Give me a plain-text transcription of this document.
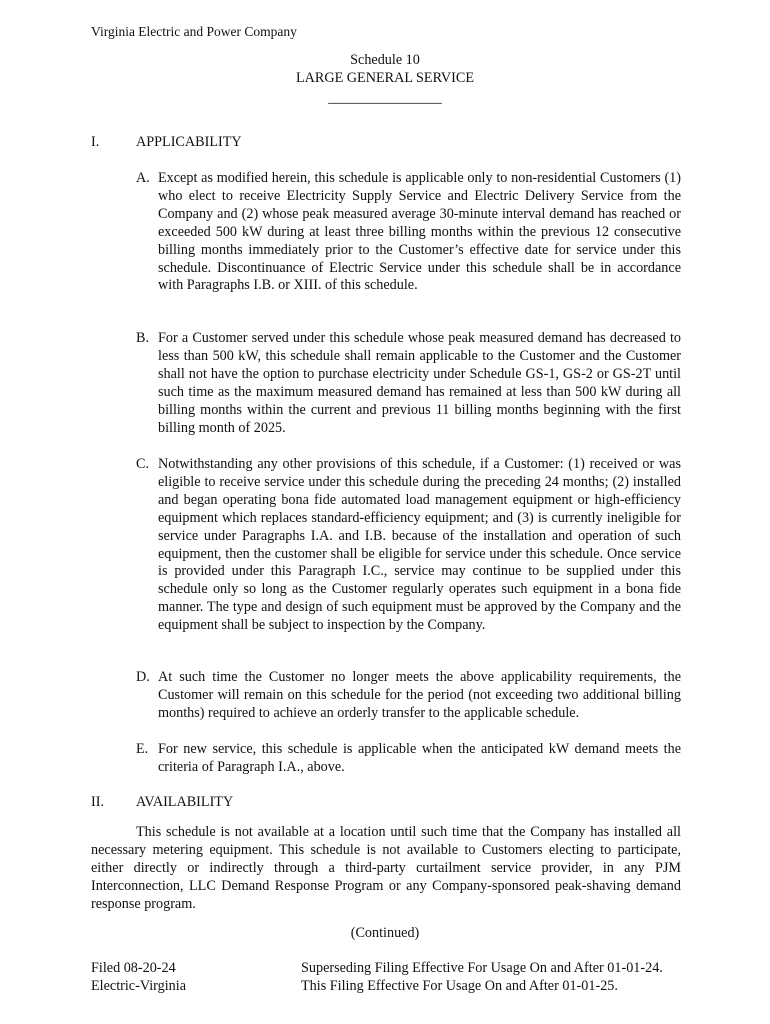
Virginia Electric and Power Company
Schedule 10
LARGE GENERAL SERVICE
________________
I.	APPLICABILITY
A. Except as modified herein, this schedule is applicable only to non-residential Customers (1) who elect to receive Electricity Supply Service and Electric Delivery Service from the Company and (2) whose peak measured average 30-minute interval demand has reached or exceeded 500 kW during at least three billing months within the previous 12 consecutive billing months immediately prior to the Customer’s effective date for service under this schedule. Discontinuance of Electric Service under this schedule shall be in accordance with Paragraphs I.B. or XIII. of this schedule.
B. For a Customer served under this schedule whose peak measured demand has decreased to less than 500 kW, this schedule shall remain applicable to the Customer and the Customer shall not have the option to purchase electricity under Schedule GS-1, GS-2 or GS-2T until such time as the maximum measured demand has remained at less than 500 kW during all billing months within the current and previous 11 billing months beginning with the first billing month of 2025.
C. Notwithstanding any other provisions of this schedule, if a Customer: (1) received or was eligible to receive service under this schedule during the preceding 24 months; (2) installed and began operating bona fide automated load management equipment or high-efficiency equipment which replaces standard-efficiency equipment; and (3) is currently ineligible for service under Paragraphs I.A. and I.B. because of the installation and operation of such equipment, then the customer shall be eligible for service under this schedule. Once service is provided under this Paragraph I.C., service may continue to be supplied under this schedule only so long as the Customer regularly operates such equipment in a bona fide manner. The type and design of such equipment must be approved by the Company and the equipment shall be subject to inspection by the Company.
D. At such time the Customer no longer meets the above applicability requirements, the Customer will remain on this schedule for the period (not exceeding two additional billing months) required to achieve an orderly transfer to the applicable schedule.
E. For new service, this schedule is applicable when the anticipated kW demand meets the criteria of Paragraph I.A., above.
II. AVAILABILITY
This schedule is not available at a location until such time that the Company has installed all necessary metering equipment. This schedule is not available to Customers electing to participate, either directly or indirectly through a third-party curtailment service provider, in any PJM Interconnection, LLC Demand Response Program or any Company-sponsored peak-shaving demand response program.
(Continued)
Filed 08-20-24
Electric-Virginia
Superseding Filing Effective For Usage On and After 01-01-24.
This Filing Effective For Usage On and After 01-01-25.
